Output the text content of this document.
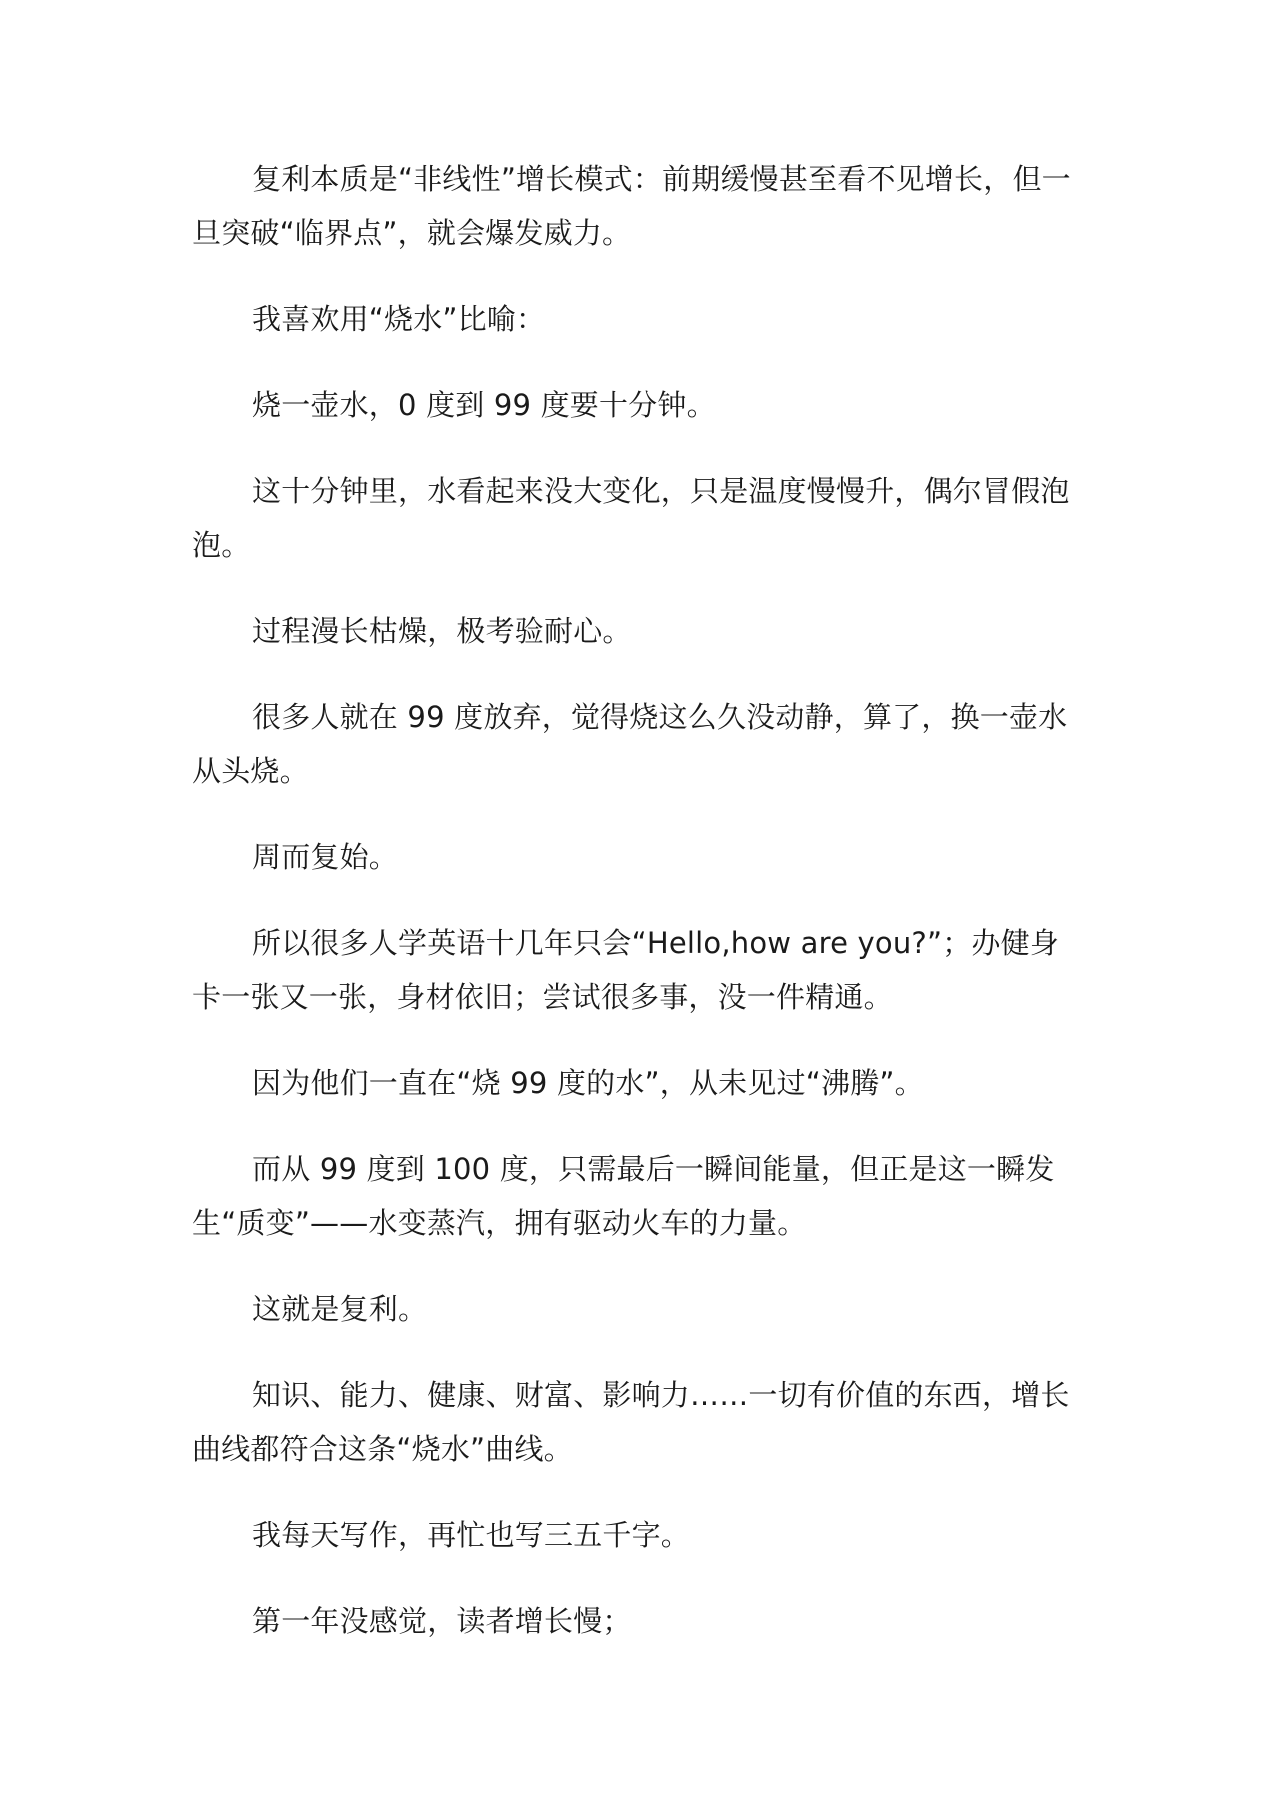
复利本质是“非线性”增长模式：前期缓慢甚至看不见增长，但一旦突破“临界点”，就会爆发威力。

我喜欢用“烧水”比喻：

烧一壶水，0 度到 99 度要十分钟。

这十分钟里，水看起来没大变化，只是温度慢慢升，偶尔冒假泡泡。

过程漫长枯燥，极考验耐心。

很多人就在 99 度放弃，觉得烧这么久没动静，算了，换一壶水从头烧。

周而复始。

所以很多人学英语十几年只会“Hello,how are you?”；办健身卡一张又一张，身材依旧；尝试很多事，没一件精通。

因为他们一直在“烧 99 度的水”，从未见过“沸腾”。

而从 99 度到 100 度，只需最后一瞬间能量，但正是这一瞬发生“质变”——水变蒸汽，拥有驱动火车的力量。

这就是复利。

知识、能力、健康、财富、影响力……一切有价值的东西，增长曲线都符合这条“烧水”曲线。

我每天写作，再忙也写三五千字。

第一年没感觉，读者增长慢；
